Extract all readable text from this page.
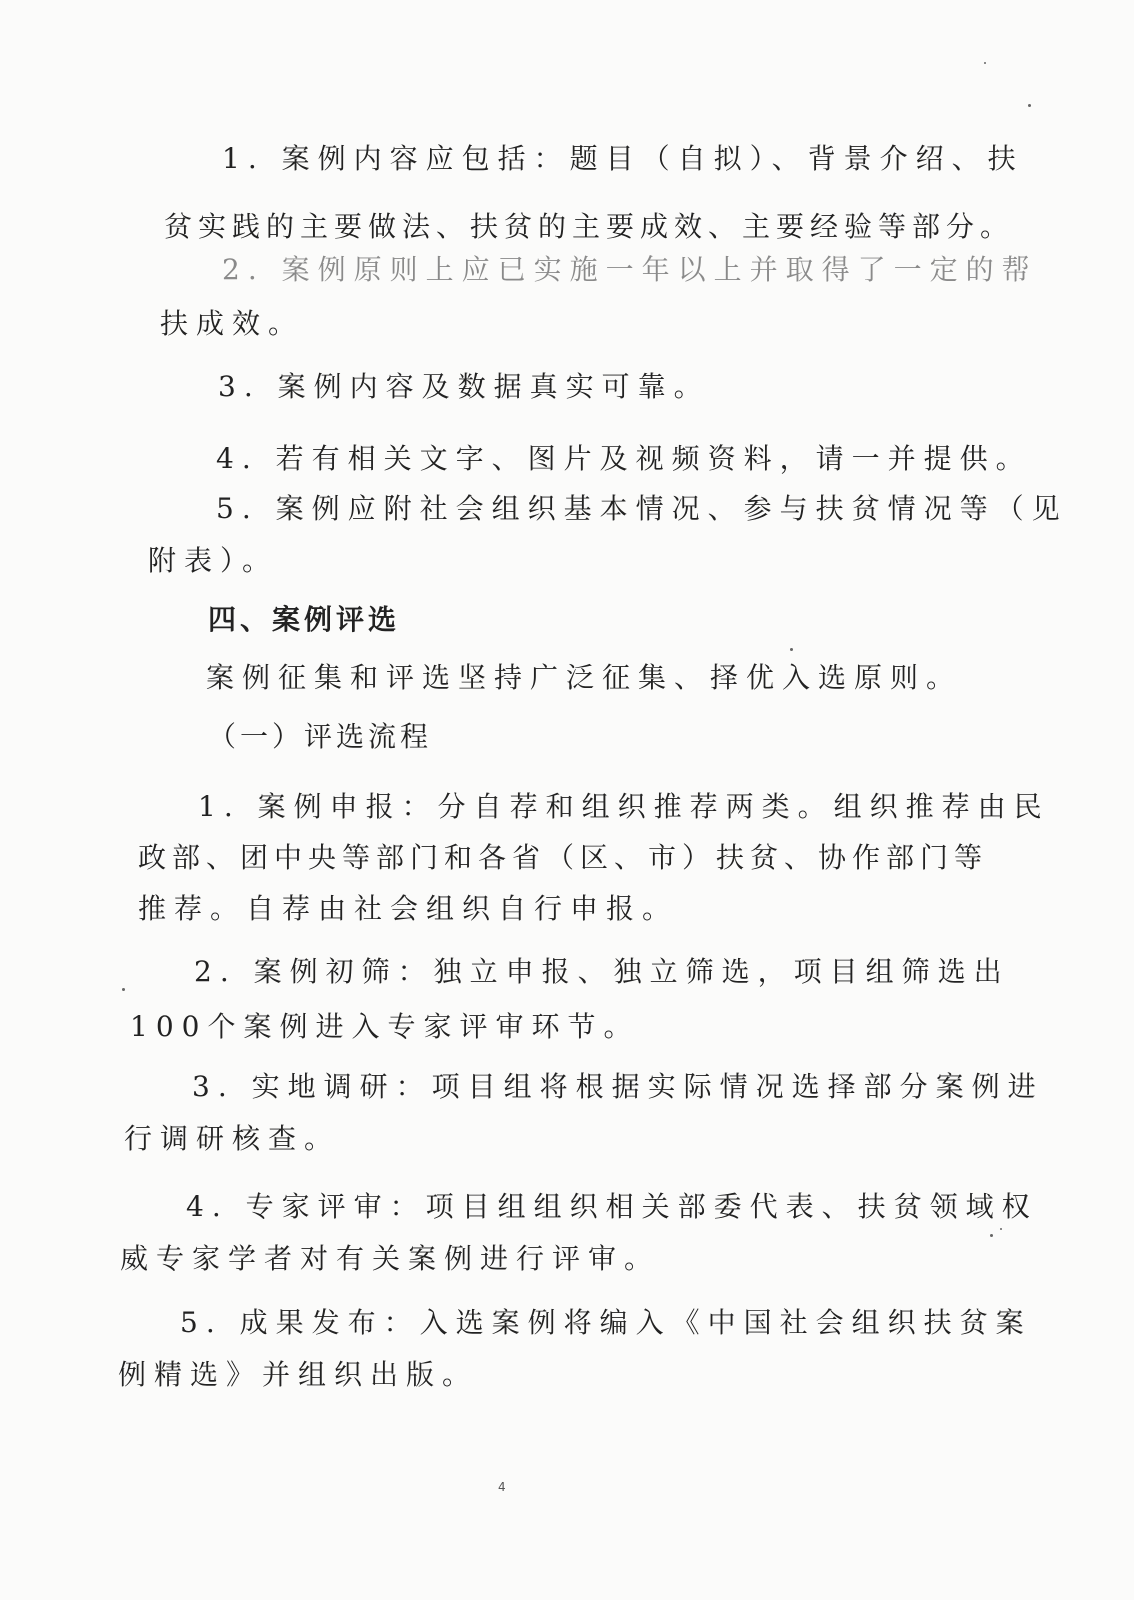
1. 案例内容应包括：题目（自拟）、背景介绍、扶
贫实践的主要做法、扶贫的主要成效、主要经验等部分。
2. 案例原则上应已实施一年以上并取得了一定的帮
扶成效。
3. 案例内容及数据真实可靠。
4. 若有相关文字、图片及视频资料，请一并提供。
5. 案例应附社会组织基本情况、参与扶贫情况等（见
附表）。
四、案例评选
案例征集和评选坚持广泛征集、择优入选原则。
（一）评选流程
1. 案例申报：分自荐和组织推荐两类。组织推荐由民
政部、团中央等部门和各省（区、市）扶贫、协作部门等
推荐。自荐由社会组织自行申报。
2. 案例初筛：独立申报、独立筛选，项目组筛选出
100个案例进入专家评审环节。
3. 实地调研：项目组将根据实际情况选择部分案例进
行调研核查。
4. 专家评审：项目组组织相关部委代表、扶贫领域权
威专家学者对有关案例进行评审。
5. 成果发布：入选案例将编入《中国社会组织扶贫案
例精选》并组织出版。
4
